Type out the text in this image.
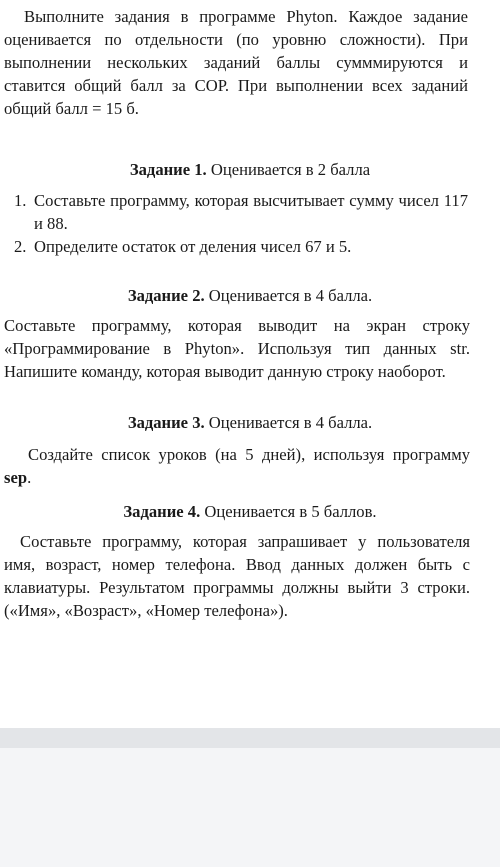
Выполните задания в программе Phyton. Каждое задание оценивается по отдельности (по уровню сложности). При выполнении нескольких заданий баллы сумммируются и ставится общий балл за СОР. При выполнении всех заданий общий балл = 15 б.
Задание 1. Оценивается в 2 балла
1. Составьте программу, которая высчитывает сумму чисел 117 и 88.
2. Определите остаток от деления чисел 67 и 5.
Задание 2. Оценивается в 4 балла.
Составьте программу, которая выводит на экран строку «Программирование в Phyton». Используя тип данных str. Напишите команду, которая выводит данную строку наоборот.
Задание 3. Оценивается в 4 балла.
Создайте список уроков (на 5 дней), используя программу sep.
Задание 4. Оценивается в 5 баллов.
Составьте программу, которая запрашивает у пользователя имя, возраст, номер телефона. Ввод данных должен быть с клавиатуры. Результатом программы должны выйти 3 строки. («Имя», «Возраст», «Номер телефона»).
